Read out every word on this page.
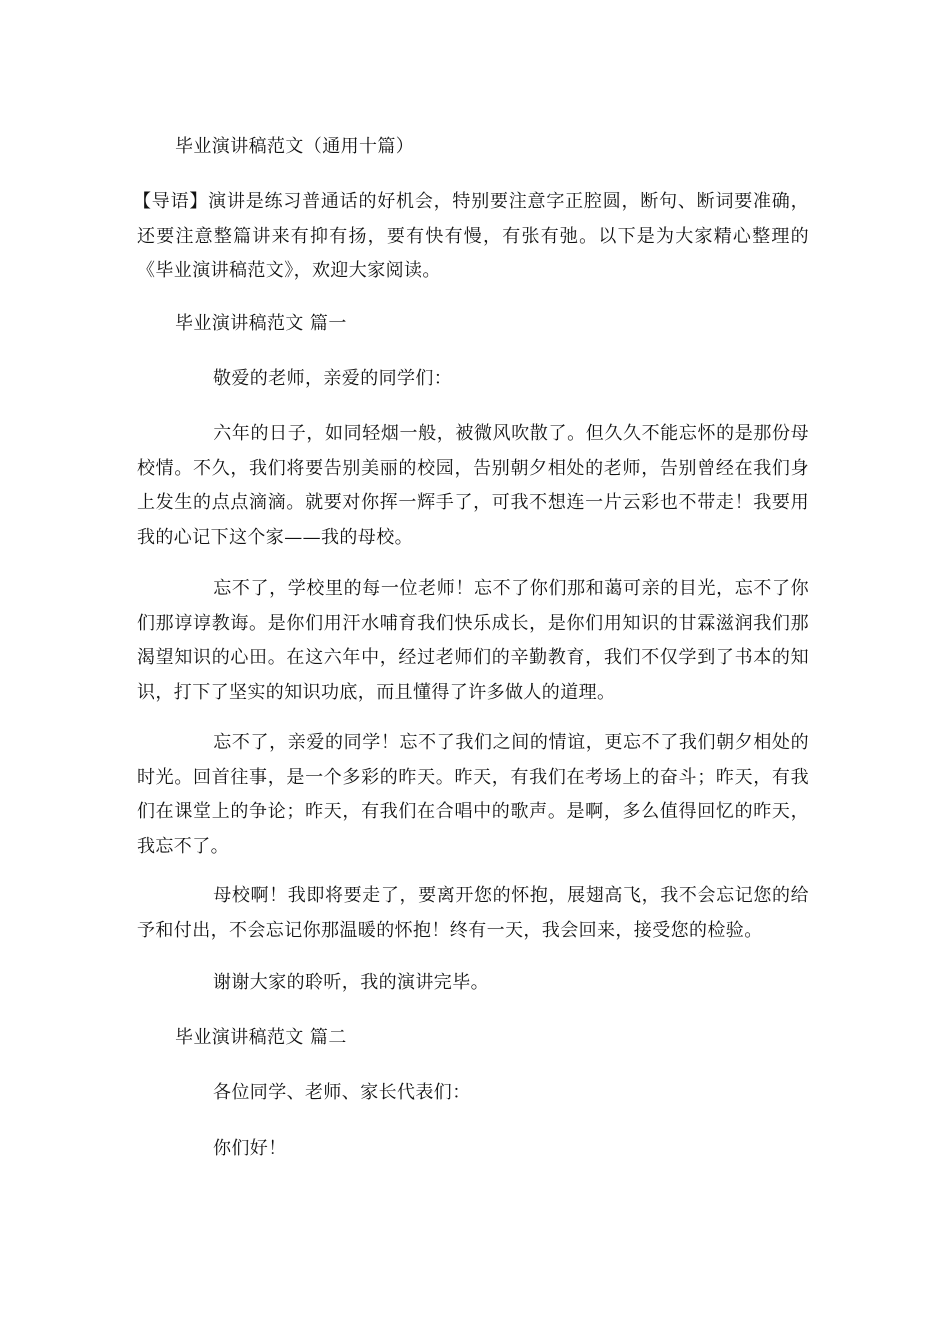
毕业演讲稿范文（通用十篇）
【导语】演讲是练习普通话的好机会，特别要注意字正腔圆，断句、断词要准确，还要注意整篇讲来有抑有扬，要有快有慢，有张有弛。以下是为大家精心整理的《毕业演讲稿范文》，欢迎大家阅读。
毕业演讲稿范文 篇一
敬爱的老师，亲爱的同学们：
六年的日子，如同轻烟一般，被微风吹散了。但久久不能忘怀的是那份母校情。不久，我们将要告别美丽的校园，告别朝夕相处的老师，告别曾经在我们身上发生的点点滴滴。就要对你挥一辉手了，可我不想连一片云彩也不带走！我要用我的心记下这个家——我的母校。
忘不了，学校里的每一位老师！忘不了你们那和蔼可亲的目光，忘不了你们那谆谆教诲。是你们用汗水哺育我们快乐成长，是你们用知识的甘霖滋润我们那渴望知识的心田。在这六年中，经过老师们的辛勤教育，我们不仅学到了书本的知识，打下了坚实的知识功底，而且懂得了许多做人的道理。
忘不了，亲爱的同学！忘不了我们之间的情谊，更忘不了我们朝夕相处的时光。回首往事，是一个多彩的昨天。昨天，有我们在考场上的奋斗；昨天，有我们在课堂上的争论；昨天，有我们在合唱中的歌声。是啊，多么值得回忆的昨天，我忘不了。
母校啊！我即将要走了，要离开您的怀抱，展翅高飞，我不会忘记您的给予和付出，不会忘记你那温暖的怀抱！终有一天，我会回来，接受您的检验。
谢谢大家的聆听，我的演讲完毕。
毕业演讲稿范文 篇二
各位同学、老师、家长代表们：
你们好！
